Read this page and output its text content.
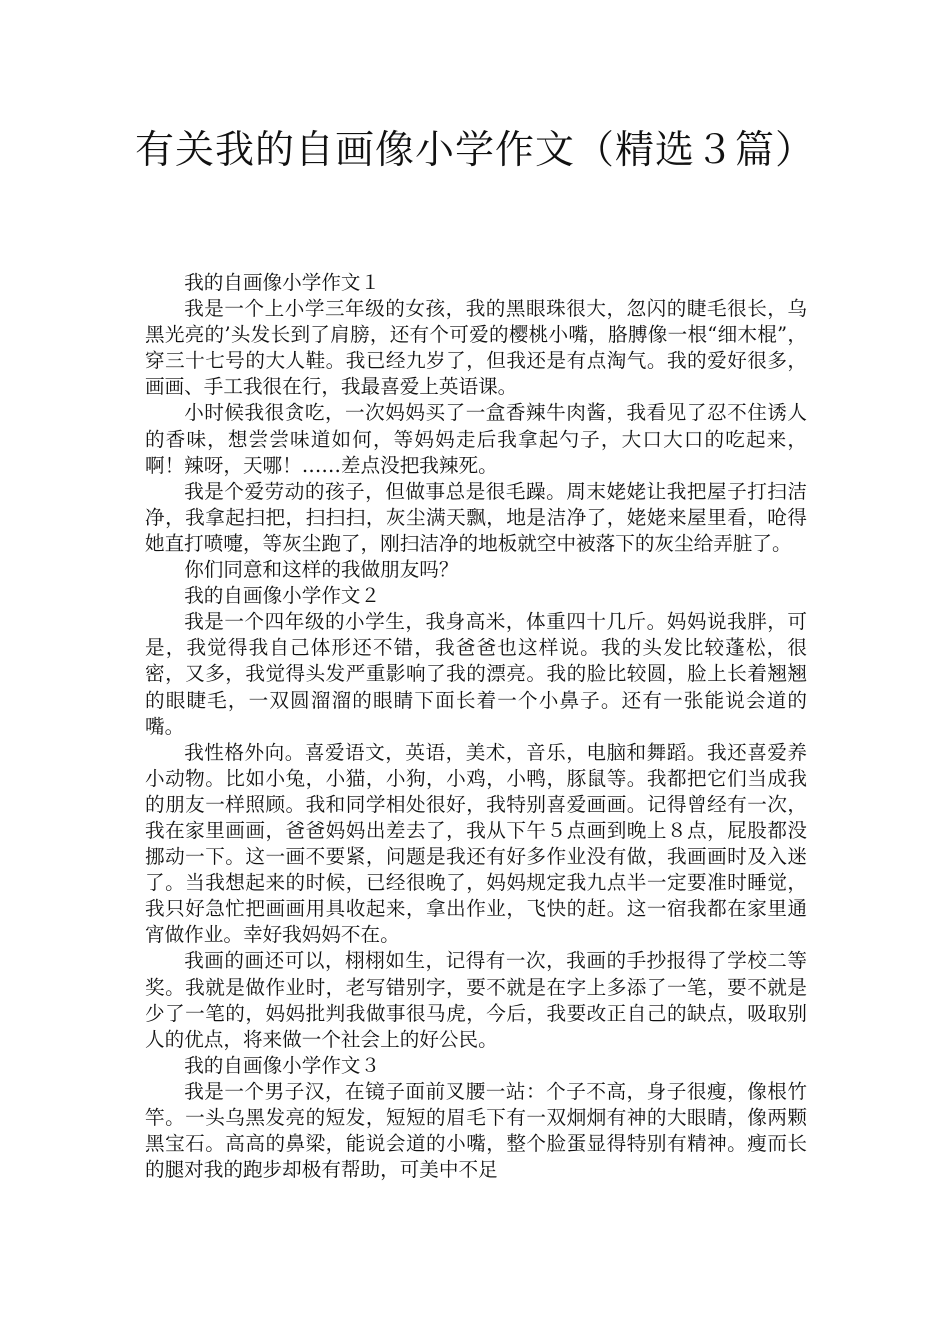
有关我的自画像小学作文（精选３篇）

我的自画像小学作文１

我是一个上小学三年级的女孩，我的黑眼珠很大，忽闪的睫毛很长，乌黑光亮的’头发长到了肩膀，还有个可爱的樱桃小嘴，胳膊像一根“细木棍”，穿三十七号的大人鞋。我已经九岁了，但我还是有点淘气。我的爱好很多，画画、手工我很在行，我最喜爱上英语课。

小时候我很贪吃，一次妈妈买了一盒香辣牛肉酱，我看见了忍不住诱人的香味，想尝尝味道如何，等妈妈走后我拿起勺子，大口大口的吃起来，啊！辣呀，天哪！……差点没把我辣死。

我是个爱劳动的孩子，但做事总是很毛躁。周末姥姥让我把屋子打扫洁净，我拿起扫把，扫扫扫，灰尘满天飘，地是洁净了，姥姥来屋里看，呛得她直打喷嚏，等灰尘跑了，刚扫洁净的地板就空中被落下的灰尘给弄脏了。

你们同意和这样的我做朋友吗？

我的自画像小学作文２

我是一个四年级的小学生，我身高米，体重四十几斤。妈妈说我胖，可是，我觉得我自己体形还不错，我爸爸也这样说。我的头发比较蓬松，很密，又多，我觉得头发严重影响了我的漂亮。我的脸比较圆，脸上长着翘翘的眼睫毛，一双圆溜溜的眼睛下面长着一个小鼻子。还有一张能说会道的嘴。

我性格外向。喜爱语文，英语，美术，音乐，电脑和舞蹈。我还喜爱养小动物。比如小兔，小猫，小狗，小鸡，小鸭，豚鼠等。我都把它们当成我的朋友一样照顾。我和同学相处很好，我特别喜爱画画。记得曾经有一次，我在家里画画，爸爸妈妈出差去了，我从下午５点画到晚上８点，屁股都没挪动一下。这一画不要紧，问题是我还有好多作业没有做，我画画时及入迷了。当我想起来的时候，已经很晚了，妈妈规定我九点半一定要准时睡觉，我只好急忙把画画用具收起来，拿出作业，飞快的赶。这一宿我都在家里通宵做作业。幸好我妈妈不在。

我画的画还可以，栩栩如生，记得有一次，我画的手抄报得了学校二等奖。我就是做作业时，老写错别字，要不就是在字上多添了一笔，要不就是少了一笔的，妈妈批判我做事很马虎，今后，我要改正自己的缺点，吸取别人的优点，将来做一个社会上的好公民。

我的自画像小学作文３

我是一个男子汉，在镜子面前叉腰一站：个子不高，身子很瘦，像根竹竿。一头乌黑发亮的短发，短短的眉毛下有一双炯炯有神的大眼睛，像两颗黑宝石。高高的鼻梁，能说会道的小嘴，整个脸蛋显得特别有精神。瘦而长的腿对我的跑步却极有帮助，可美中不足
